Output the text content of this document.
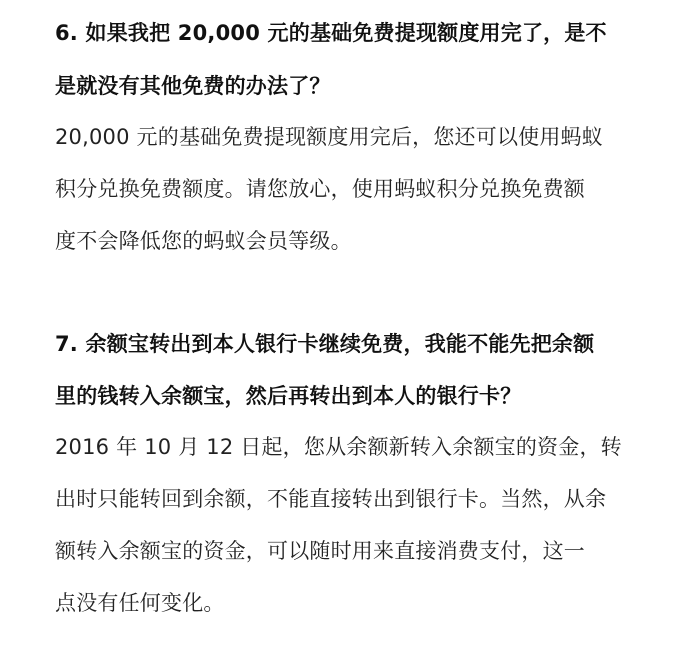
6. 如果我把 20,000 元的基础免费提现额度用完了，是不
是就没有其他免费的办法了？
20,000 元的基础免费提现额度用完后，您还可以使用蚂蚁
积分兑换免费额度。请您放心，使用蚂蚁积分兑换免费额
度不会降低您的蚂蚁会员等级。
7. 余额宝转出到本人银行卡继续免费，我能不能先把余额
里的钱转入余额宝，然后再转出到本人的银行卡？
2016 年 10 月 12 日起，您从余额新转入余额宝的资金，转
出时只能转回到余额，不能直接转出到银行卡。当然，从余
额转入余额宝的资金，可以随时用来直接消费支付，这一
点没有任何变化。
